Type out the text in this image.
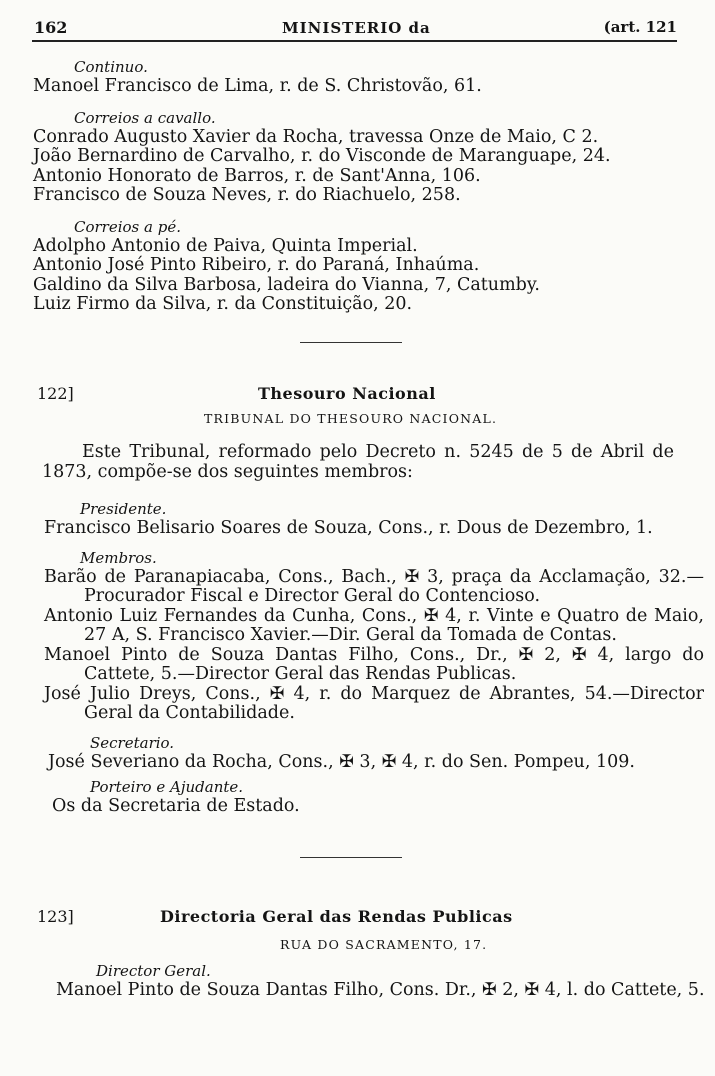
162	MINISTERIO da	(art. 121
Continuo.
Manoel Francisco de Lima, r. de S. Christovão, 61.
Correios a cavallo.
Conrado Augusto Xavier da Rocha, travessa Onze de Maio, C 2.
João Bernardino de Carvalho, r. do Visconde de Maranguape, 24.
Antonio Honorato de Barros, r. de Sant'Anna, 106.
Francisco de Souza Neves, r. do Riachuelo, 258.
Correios a pé.
Adolpho Antonio de Paiva, Quinta Imperial.
Antonio José Pinto Ribeiro, r. do Paraná, Inhaúma.
Galdino da Silva Barbosa, ladeira do Vianna, 7, Catumby.
Luiz Firmo da Silva, r. da Constituição, 20.
122]	Thesouro Nacional
TRIBUNAL DO THESOURO NACIONAL.
Este Tribunal, reformado pelo Decreto n. 5245 de 5 de Abril de 1873, compõe-se dos seguintes membros:
Presidente.
Francisco Belisario Soares de Souza, Cons., r. Dous de Dezembro, 1.
Membros.
Barão de Paranapiacaba, Cons., Bach., ✠ 3, praça da Acclamação, 32.—Procurador Fiscal e Director Geral do Contencioso.
Antonio Luiz Fernandes da Cunha, Cons., ✠ 4, r. Vinte e Quatro de Maio, 27 A, S. Francisco Xavier.—Dir. Geral da Tomada de Contas.
Manoel Pinto de Souza Dantas Filho, Cons., Dr., ✠ 2, ✠ 4, largo do Cattete, 5.—Director Geral das Rendas Publicas.
José Julio Dreys, Cons., ✠ 4, r. do Marquez de Abrantes, 54.—Director Geral da Contabilidade.
Secretario.
José Severiano da Rocha, Cons., ✠ 3, ✠ 4, r. do Sen. Pompeu, 109.
Porteiro e Ajudante.
Os da Secretaria de Estado.
123]	Directoria Geral das Rendas Publicas
RUA DO SACRAMENTO, 17.
Director Geral.
Manoel Pinto de Souza Dantas Filho, Cons. Dr., ✠ 2, ✠ 4, l. do Cattete, 5.
